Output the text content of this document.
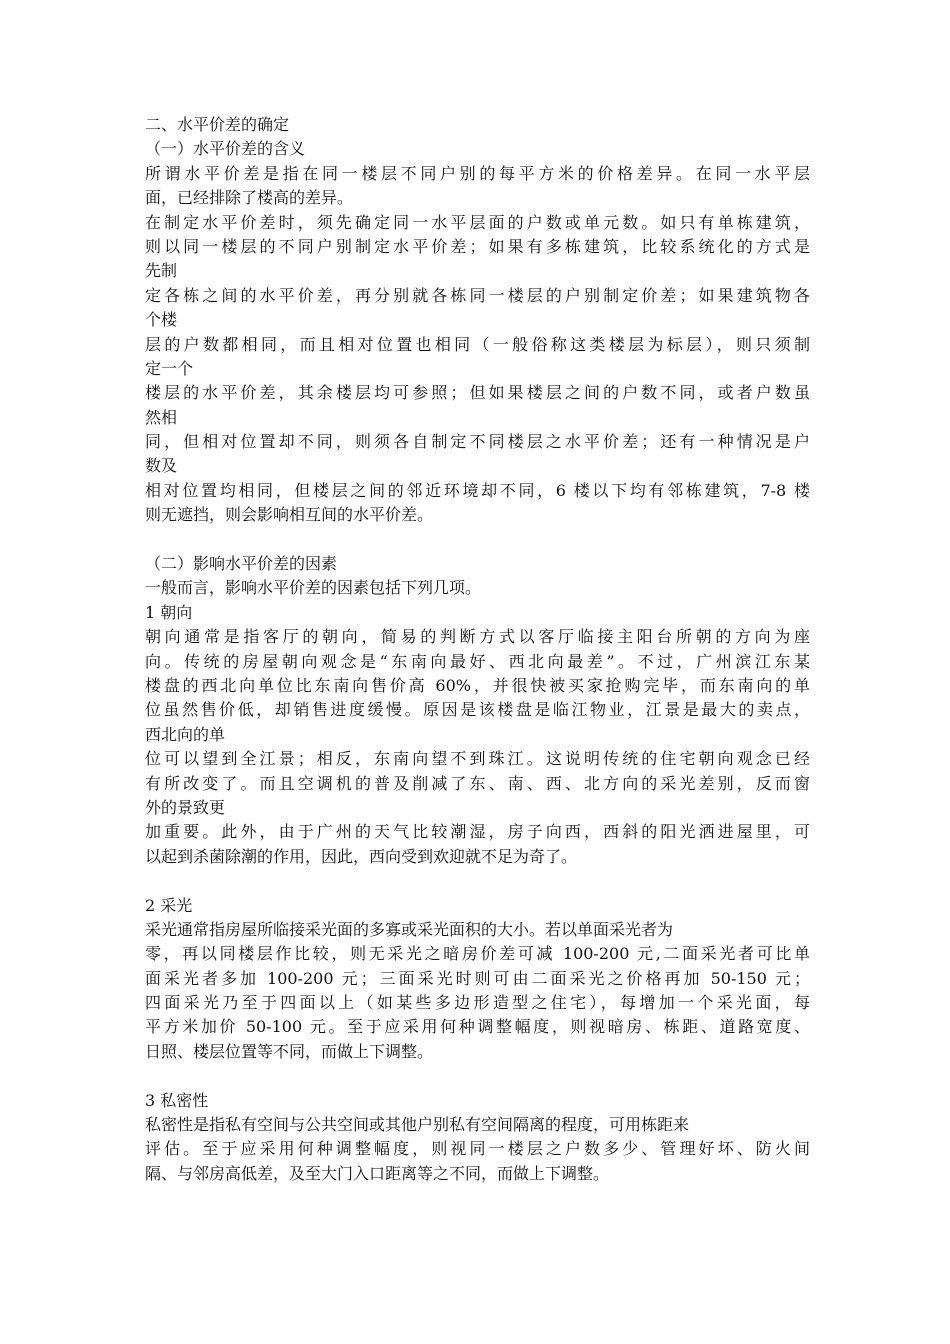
二、水平价差的确定
（一）水平价差的含义
所谓水平价差是指在同一楼层不同户别的每平方米的价格差异。在同一水平层
面，已经排除了楼高的差异。
在制定水平价差时，须先确定同一水平层面的户数或单元数。如只有单栋建筑，
则以同一楼层的不同户别制定水平价差；如果有多栋建筑，比较系统化的方式是
先制
定各栋之间的水平价差，再分别就各栋同一楼层的户别制定价差；如果建筑物各
个楼
层的户数都相同，而且相对位置也相同（一般俗称这类楼层为标层），则只须制
定一个
楼层的水平价差，其余楼层均可参照；但如果楼层之间的户数不同，或者户数虽
然相
同，但相对位置却不同，则须各自制定不同楼层之水平价差；还有一种情况是户
数及
相对位置均相同，但楼层之间的邻近环境却不同，6 楼以下均有邻栋建筑，7-8 楼
则无遮挡，则会影响相互间的水平价差。
（二）影响水平价差的因素
一般而言，影响水平价差的因素包括下列几项。
1 朝向
朝向通常是指客厅的朝向，简易的判断方式以客厅临接主阳台所朝的方向为座
向。传统的房屋朝向观念是“东南向最好、西北向最差”。不过，广州滨江东某
楼盘的西北向单位比东南向售价高 60%，并很快被买家抢购完毕，而东南向的单
位虽然售价低，却销售进度缓慢。原因是该楼盘是临江物业，江景是最大的卖点，
西北向的单
位可以望到全江景；相反，东南向望不到珠江。这说明传统的住宅朝向观念已经
有所改变了。而且空调机的普及削减了东、南、西、北方向的采光差别，反而窗
外的景致更
加重要。此外，由于广州的天气比较潮湿，房子向西，西斜的阳光洒进屋里，可
以起到杀菌除潮的作用，因此，西向受到欢迎就不足为奇了。
2 采光
采光通常指房屋所临接采光面的多寡或采光面积的大小。若以单面采光者为
零，再以同楼层作比较，则无采光之暗房价差可减 100-200 元,二面采光者可比单
面采光者多加 100-200 元；三面采光时则可由二面采光之价格再加 50-150 元；
四面采光乃至于四面以上（如某些多边形造型之住宅），每增加一个采光面，每
平方米加价 50-100 元。至于应采用何种调整幅度，则视暗房、栋距、道路宽度、
日照、楼层位置等不同，而做上下调整。
3 私密性
私密性是指私有空间与公共空间或其他户别私有空间隔离的程度，可用栋距来
评估。至于应采用何种调整幅度，则视同一楼层之户数多少、管理好坏、防火间
隔、与邻房高低差，及至大门入口距离等之不同，而做上下调整。
